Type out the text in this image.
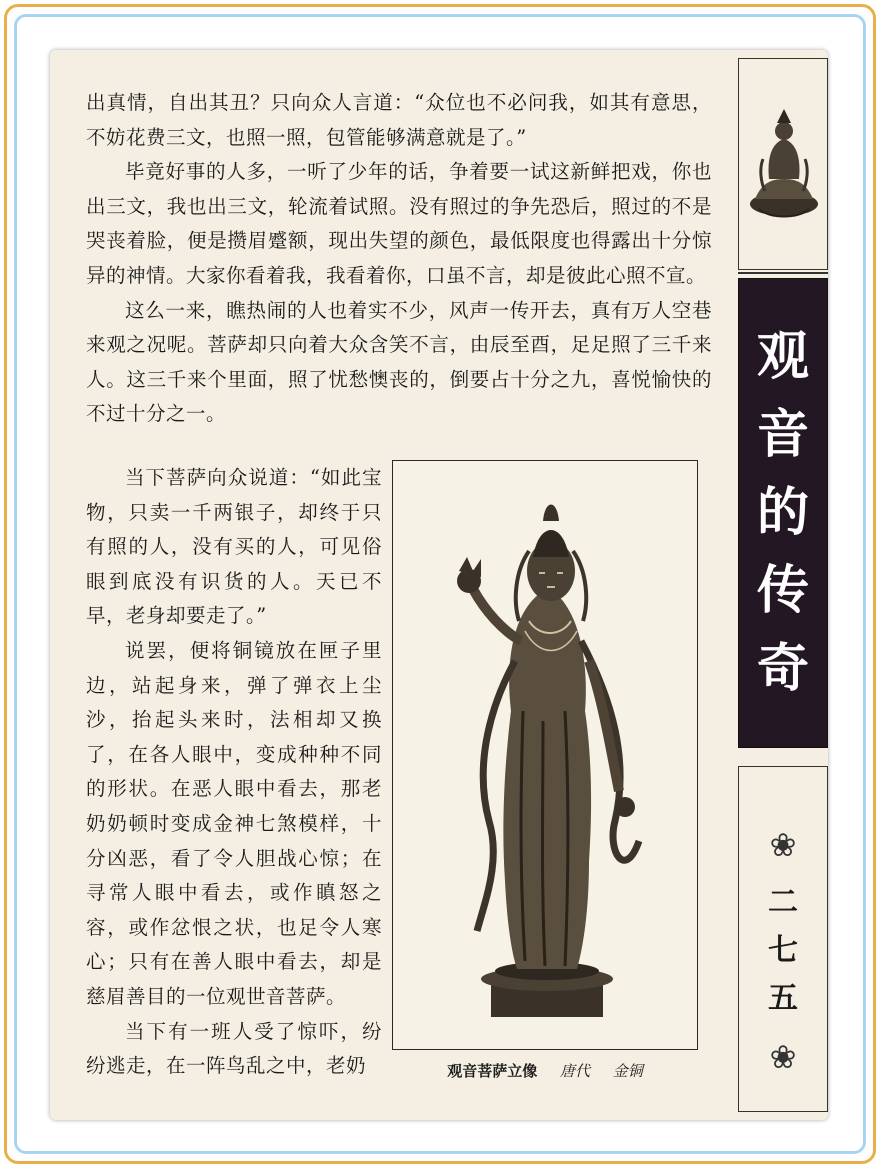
出真情，自出其丑？只向众人言道：“众位也不必问我，如其有意思，不妨花费三文，也照一照，包管能够满意就是了。”

毕竟好事的人多，一听了少年的话，争着要一试这新鲜把戏，你也出三文，我也出三文，轮流着试照。没有照过的争先恐后，照过的不是哭丧着脸，便是攒眉蹙额，现出失望的颜色，最低限度也得露出十分惊异的神情。大家你看着我，我看着你，口虽不言，却是彼此心照不宣。

这么一来，瞧热闹的人也着实不少，风声一传开去，真有万人空巷来观之况呢。菩萨却只向着大众含笑不言，由辰至酉，足足照了三千来人。这三千来个里面，照了忧愁懊丧的，倒要占十分之九，喜悦愉快的不过十分之一。

当下菩萨向众说道：“如此宝物，只卖一千两银子，却终于只有照的人，没有买的人，可见俗眼到底没有识货的人。天已不早，老身却要走了。”

说罢，便将铜镜放在匣子里边，站起身来，弹了弹衣上尘沙，抬起头来时，法相却又换了，在各人眼中，变成种种不同的形状。在恶人眼中看去，那老奶奶顿时变成金神七煞模样，十分凶恶，看了令人胆战心惊；在寻常人眼中看去，或作瞋怒之容，或作忿恨之状，也足令人寒心；只有在善人眼中看去，却是慈眉善目的一位观世音菩萨。

当下有一班人受了惊吓，纷纷逃走，在一阵鸟乱之中，老奶	观音菩萨立像 唐代 金铜
观
音
的
传
奇
❀
二
七
五
❀
